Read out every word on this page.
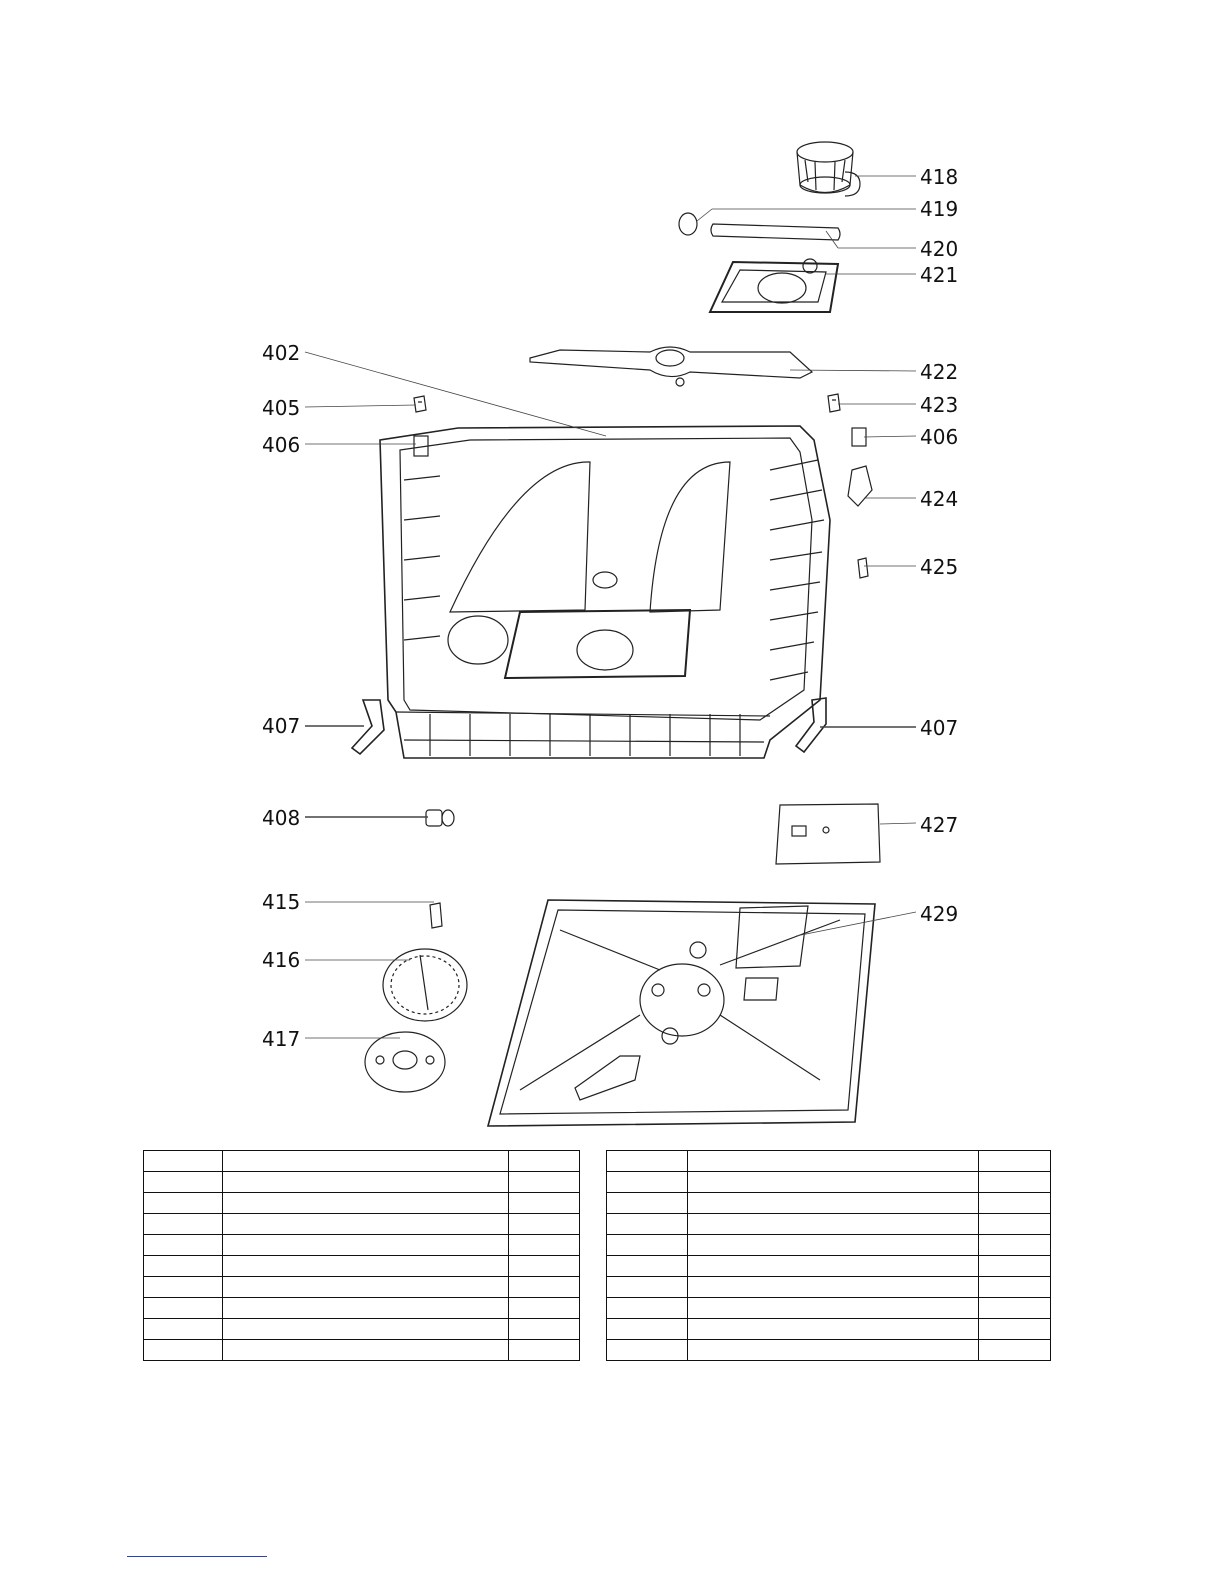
418
419
420
421
402
422
405	423
406	406
424
425
407	407
408	427
415	429
416
417
